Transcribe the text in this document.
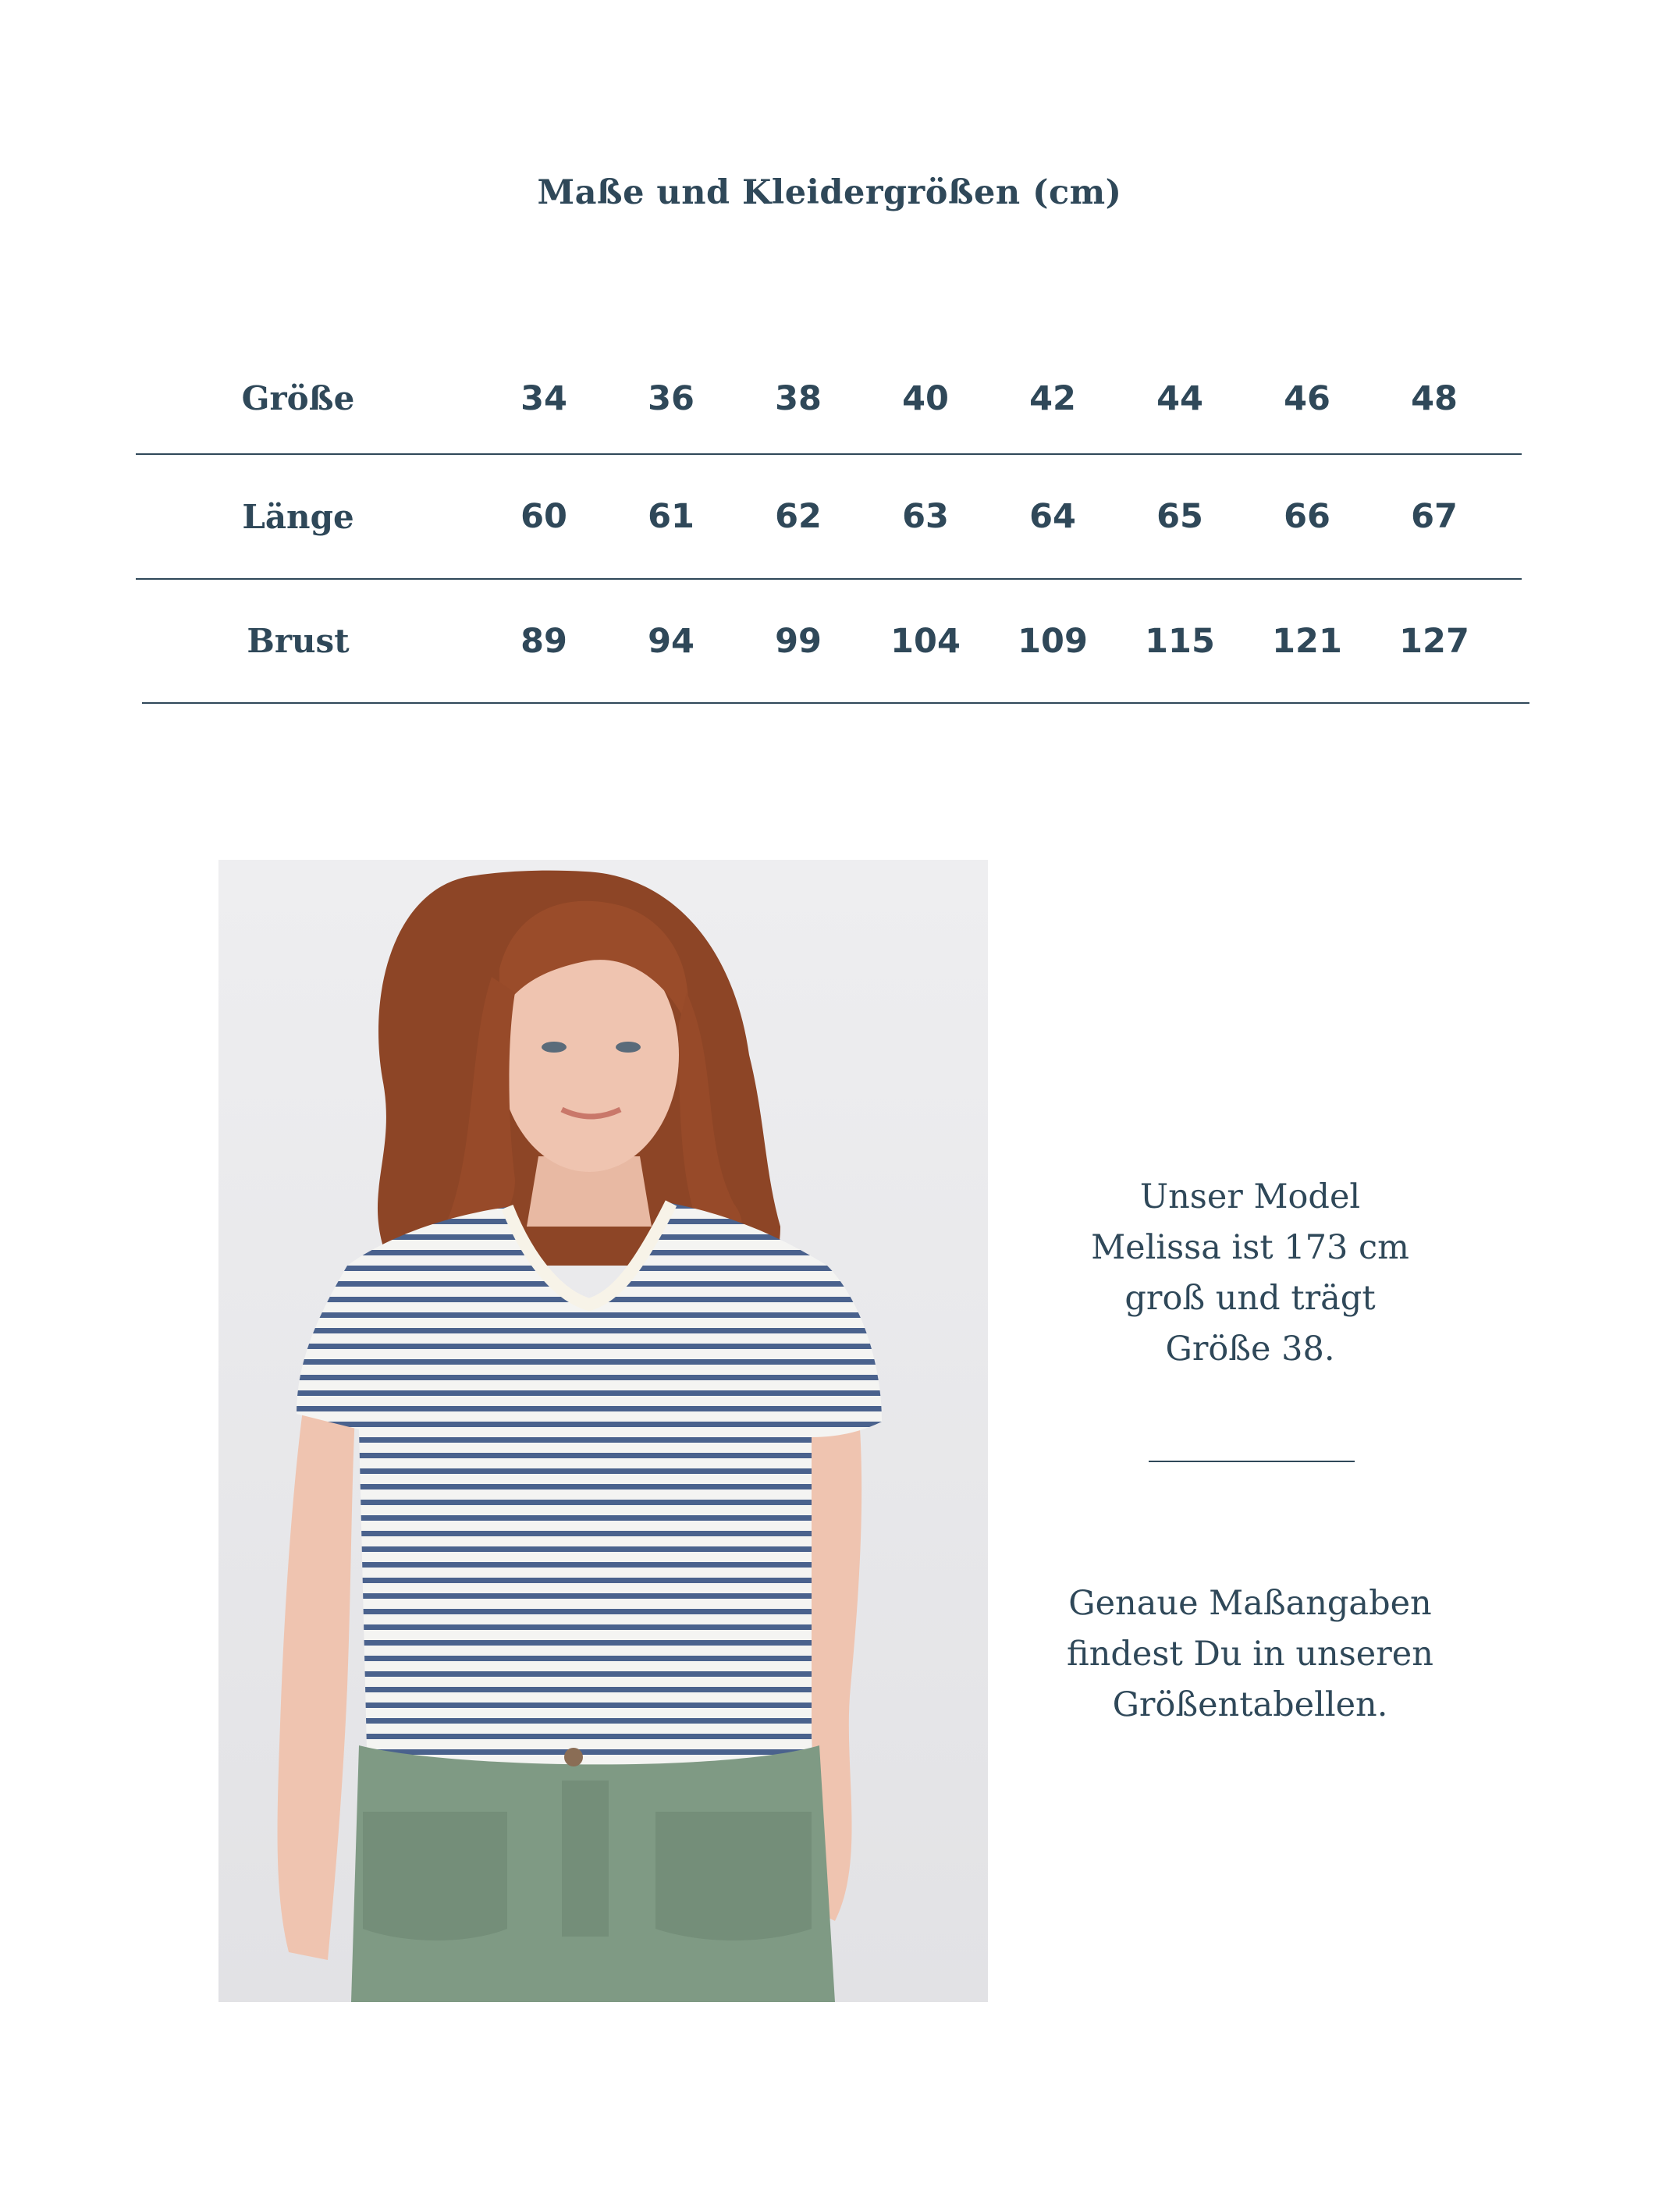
Maße und Kleidergrößen (cm)
Größe	34	36	38	40	42	44	46	48
Länge	60	61	62	63	64	65	66	67
Brust	89	94	99	104	109	115	121	127
Unser Model
Melissa ist 173 cm
groß und trägt
Größe 38.
Genaue Maßangaben
findest Du in unseren
Größentabellen.
